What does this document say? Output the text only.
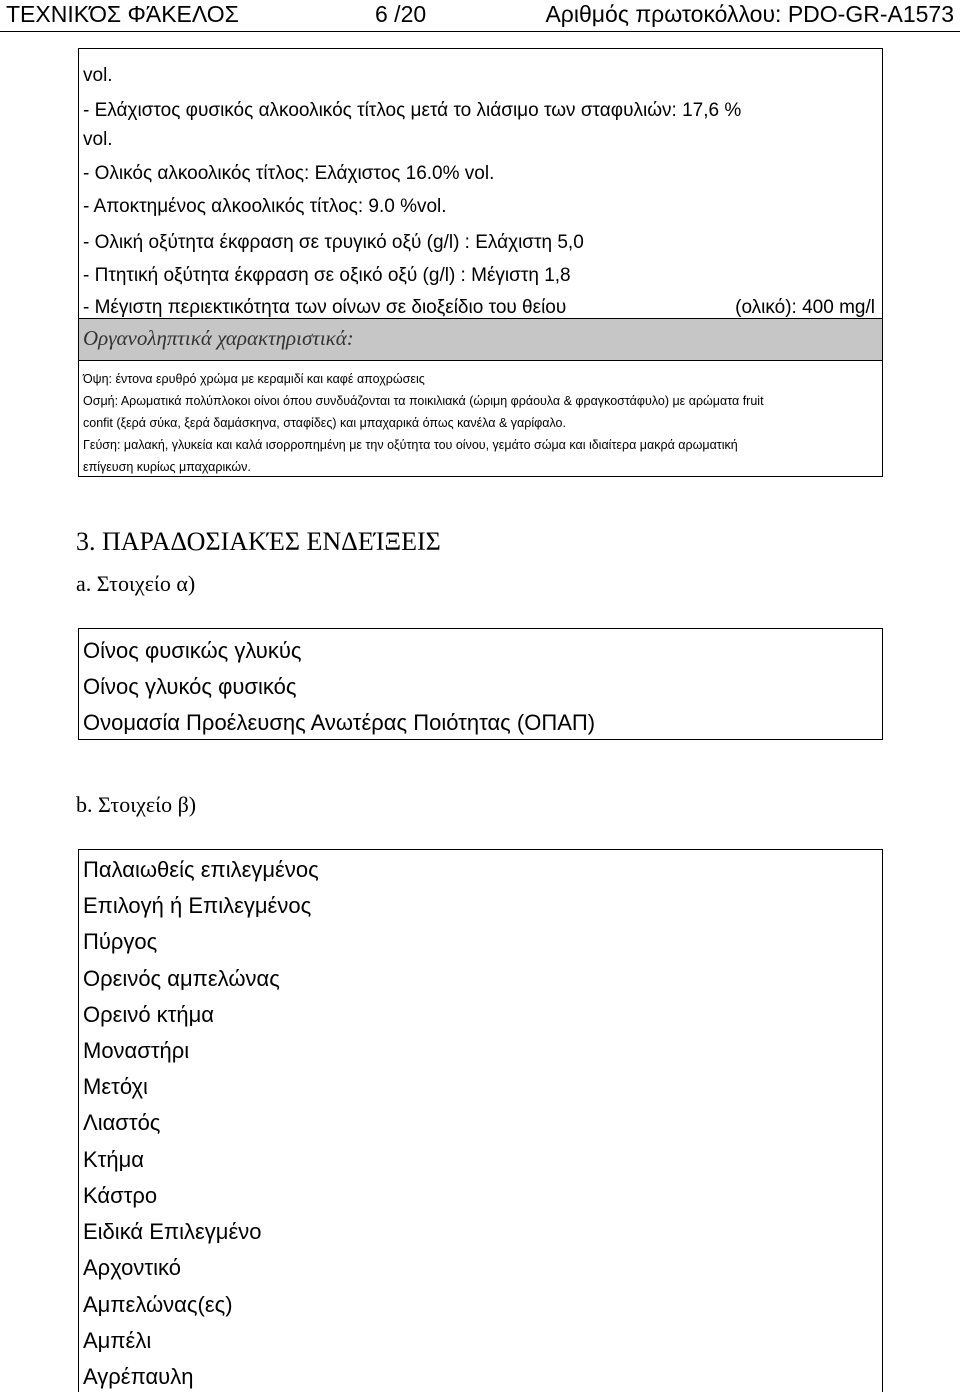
ΤΕΧΝΙΚΌΣ ΦΆΚΕΛΟΣ	6 /20	Αριθμός πρωτοκόλλου: PDO-GR-A1573
vol.
- Ελάχιστος φυσικός αλκοολικός τίτλος μετά το λιάσιμο των σταφυλιών: 17,6 %
vol.
- Ολικός αλκοολικός τίτλος: Ελάχιστος 16.0% vol.
- Αποκτημένος αλκοολικός τίτλος: 9.0 %vol.
- Ολική οξύτητα έκφραση σε τρυγικό οξύ (g/l) : Ελάχιστη 5,0
- Πτητική οξύτητα έκφραση σε οξικό οξύ (g/l) : Μέγιστη 1,8
- Μέγιστη περιεκτικότητα των οίνων σε διοξείδιο του θείου	(ολικό): 400 mg/l
Οργανοληπτικά χαρακτηριστικά:
Όψη: έντονα ερυθρό χρώμα με κεραμιδί και καφέ αποχρώσεις
Οσμή: Αρωματικά πολύπλοκοι οίνοι όπου συνδυάζονται τα ποικιλιακά (ώριμη φράουλα & φραγκοστάφυλο) με αρώματα fruit
confit (ξερά σύκα, ξερά δαμάσκηνα, σταφίδες) και μπαχαρικά όπως κανέλα & γαρίφαλο.
Γεύση: μαλακή, γλυκεία και καλά ισορροπημένη με την οξύτητα του οίνου, γεμάτο σώμα και ιδιαίτερα μακρά αρωματική
επίγευση κυρίως μπαχαρικών.
3. ΠΑΡΑΔΟΣΙΑΚΈΣ ΕΝΔΕΊΞΕΙΣ
a. Στοιχείο α)
Οίνος φυσικώς γλυκύς
Οίνος γλυκός φυσικός
Ονομασία Προέλευσης Ανωτέρας Ποιότητας (ΟΠΑΠ)
b. Στοιχείο β)
Παλαιωθείς επιλεγμένος
Επιλογή ή Επιλεγμένος
Πύργος
Ορεινός αμπελώνας
Ορεινό κτήμα
Μοναστήρι
Μετόχι
Λιαστός
Κτήμα
Κάστρο
Ειδικά Επιλεγμένο
Αρχοντικό
Αμπελώνας(ες)
Αμπέλι
Αγρέπαυλη
